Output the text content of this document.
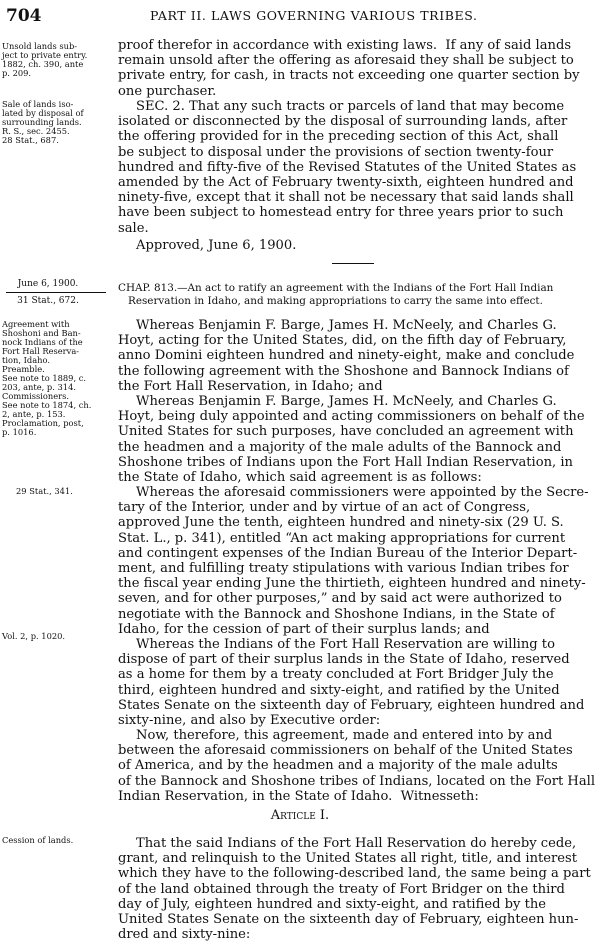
704	PART II. LAWS GOVERNING VARIOUS TRIBES.
Unsold lands sub-
ject to private entry.
1882, ch. 390, ante
p. 209.
Sale of lands iso-
lated by disposal of
surrounding lands.
R. S., sec. 2455.
28 Stat., 687.
June 6, 1900.
31 Stat., 672.
Agreement with
Shoshoni and Ban-
nock Indians of the
Fort Hall Reserva-
tion, Idaho.
Preamble.
See note to 1889, c.
203, ante, p. 314.
Commissioners.
See note to 1874, ch.
2, ante, p. 153.
Proclamation, post,
p. 1016.
29 Stat., 341.
Vol. 2, p. 1020.
Cession of lands.
proof therefor in accordance with existing laws.  If any of said lands
remain unsold after the offering as aforesaid they shall be subject to
private entry, for cash, in tracts not exceeding one quarter section by
one purchaser.
SEC. 2. That any such tracts or parcels of land that may become
isolated or disconnected by the disposal of surrounding lands, after
the offering provided for in the preceding section of this Act, shall
be subject to disposal under the provisions of section twenty-four
hundred and fifty-five of the Revised Statutes of the United States as
amended by the Act of February twenty-sixth, eighteen hundred and
ninety-five, except that it shall not be necessary that said lands shall
have been subject to homestead entry for three years prior to such
sale.
Approved, June 6, 1900.
CHAP. 813.—An act to ratify an agreement with the Indians of the Fort Hall Indian
Reservation in Idaho, and making appropriations to carry the same into effect.
Whereas Benjamin F. Barge, James H. McNeely, and Charles G.
Hoyt, acting for the United States, did, on the fifth day of February,
anno Domini eighteen hundred and ninety-eight, make and conclude
the following agreement with the Shoshone and Bannock Indians of
the Fort Hall Reservation, in Idaho; and
Whereas Benjamin F. Barge, James H. McNeely, and Charles G.
Hoyt, being duly appointed and acting commissioners on behalf of the
United States for such purposes, have concluded an agreement with
the headmen and a majority of the male adults of the Bannock and
Shoshone tribes of Indians upon the Fort Hall Indian Reservation, in
the State of Idaho, which said agreement is as follows:
Whereas the aforesaid commissioners were appointed by the Secre-
tary of the Interior, under and by virtue of an act of Congress,
approved June the tenth, eighteen hundred and ninety-six (29 U. S.
Stat. L., p. 341), entitled “An act making appropriations for current
and contingent expenses of the Indian Bureau of the Interior Depart-
ment, and fulfilling treaty stipulations with various Indian tribes for
the fiscal year ending June the thirtieth, eighteen hundred and ninety-
seven, and for other purposes,” and by said act were authorized to
negotiate with the Bannock and Shoshone Indians, in the State of
Idaho, for the cession of part of their surplus lands; and
Whereas the Indians of the Fort Hall Reservation are willing to
dispose of part of their surplus lands in the State of Idaho, reserved
as a home for them by a treaty concluded at Fort Bridger July the
third, eighteen hundred and sixty-eight, and ratified by the United
States Senate on the sixteenth day of February, eighteen hundred and
sixty-nine, and also by Executive order:
Now, therefore, this agreement, made and entered into by and
between the aforesaid commissioners on behalf of the United States
of America, and by the headmen and a majority of the male adults
of the Bannock and Shoshone tribes of Indians, located on the Fort Hall
Indian Reservation, in the State of Idaho.  Witnesseth:
Article I.
That the said Indians of the Fort Hall Reservation do hereby cede,
grant, and relinquish to the United States all right, title, and interest
which they have to the following-described land, the same being a part
of the land obtained through the treaty of Fort Bridger on the third
day of July, eighteen hundred and sixty-eight, and ratified by the
United States Senate on the sixteenth day of February, eighteen hun-
dred and sixty-nine:
